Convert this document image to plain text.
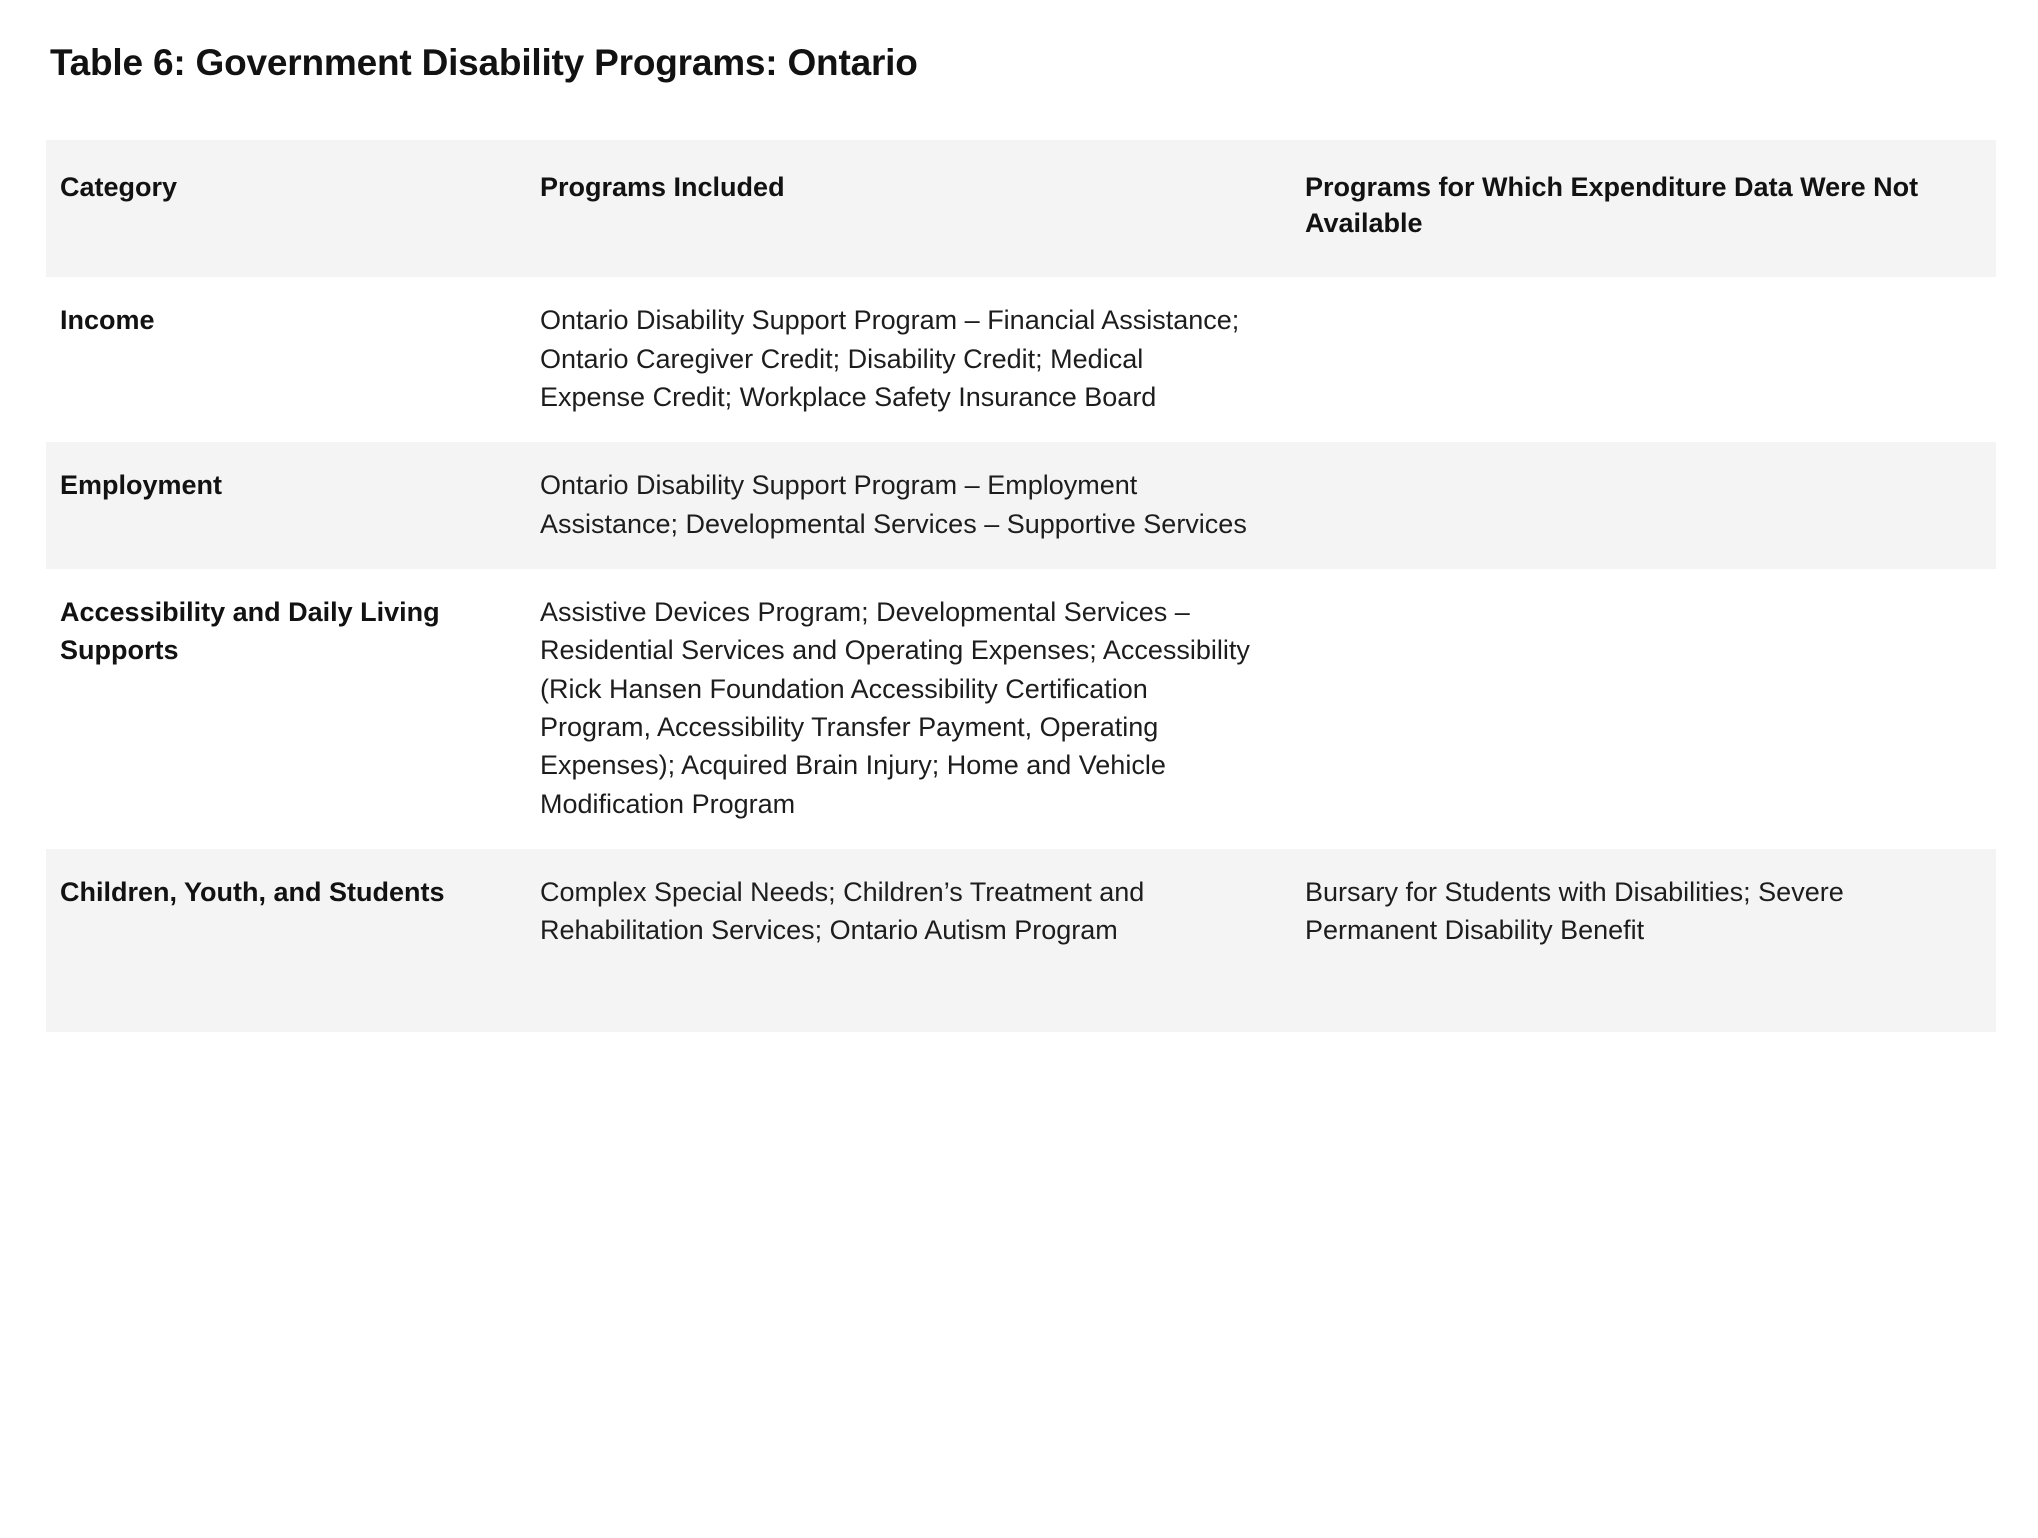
Table 6: Government Disability Programs: Ontario
Category	Programs Included	Programs for Which Expenditure Data Were Not Available
Income	Ontario Disability Support Program – Financial Assistance; Ontario Caregiver Credit; Disability Credit; Medical Expense Credit; Workplace Safety Insurance Board	
Employment	Ontario Disability Support Program – Employment Assistance; Developmental Services – Supportive Services	
Accessibility and Daily Living Supports	Assistive Devices Program; Developmental Services – Residential Services and Operating Expenses; Accessibility (Rick Hansen Foundation Accessibility Certification Program, Accessibility Transfer Payment, Operating Expenses); Acquired Brain Injury; Home and Vehicle Modification Program	
Children, Youth, and Students	Complex Special Needs; Children’s Treatment and Rehabilitation Services; Ontario Autism Program	Bursary for Students with Disabilities; Severe Permanent Disability Benefit
